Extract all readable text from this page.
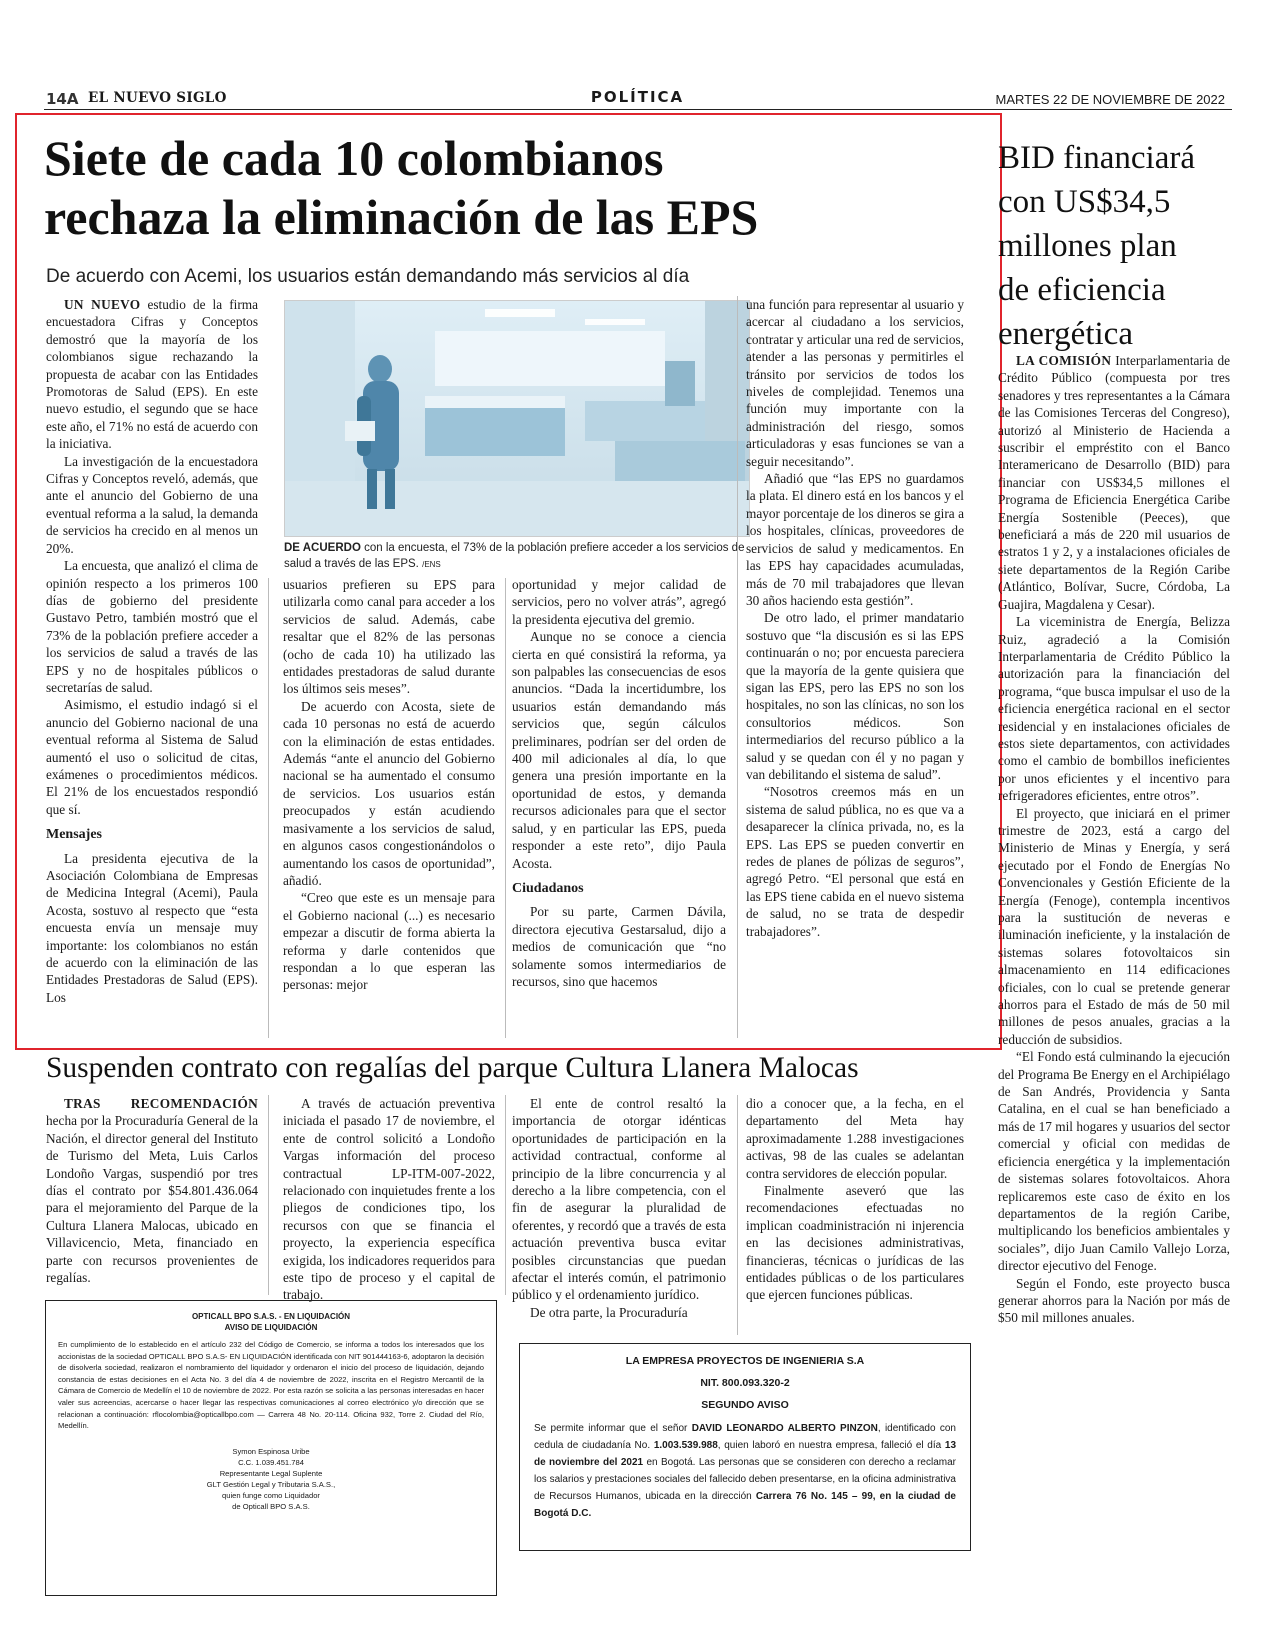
14A EL NUEVO SIGLO	POLÍTICA	MARTES 22 DE NOVIEMBRE DE 2022
Siete de cada 10 colombianos
rechaza la eliminación de las EPS
De acuerdo con Acemi, los usuarios están demandando más servicios al día

UN NUEVO estudio de la firma encuestadora Cifras y Conceptos demostró que la mayoría de los colombianos sigue rechazando la propuesta de acabar con las Entidades Promotoras de Salud (EPS). En este nuevo estudio, el segundo que se hace este año, el 71% no está de acuerdo con la iniciativa.

La investigación de la encuestadora Cifras y Conceptos reveló, además, que ante el anuncio del Gobierno de una eventual reforma a la salud, la demanda de servicios ha crecido en al menos un 20%.

La encuesta, que analizó el clima de opinión respecto a los primeros 100 días de gobierno del presidente Gustavo Petro, también mostró que el 73% de la población prefiere acceder a los servicios de salud a través de las EPS y no de hospitales públicos o secretarías de salud.

Asimismo, el estudio indagó si el anuncio del Gobierno nacional de una eventual reforma al Sistema de Salud aumentó el uso o solicitud de citas, exámenes o procedimientos médicos. El 21% de los encuestados respondió que sí.

Mensajes

La presidenta ejecutiva de la Asociación Colombiana de Empresas de Medicina Integral (Acemi), Paula Acosta, sostuvo al respecto que “esta encuesta envía un mensaje muy importante: los colombianos no están de acuerdo con la eliminación de las Entidades Prestadoras de Salud (EPS). Los

DE ACUERDO con la encuesta, el 73% de la población prefiere acceder a los servicios de salud a través de las EPS. /ENS

usuarios prefieren su EPS para utilizarla como canal para acceder a los servicios de salud. Además, cabe resaltar que el 82% de las personas (ocho de cada 10) ha utilizado las entidades prestadoras de salud durante los últimos seis meses”.

De acuerdo con Acosta, siete de cada 10 personas no está de acuerdo con la eliminación de estas entidades. Además “ante el anuncio del Gobierno nacional se ha aumentado el consumo de servicios. Los usuarios están preocupados y están acudiendo masivamente a los servicios de salud, en algunos casos congestionándolos o aumentando los casos de oportunidad”, añadió.

“Creo que este es un mensaje para el Gobierno nacional (...) es necesario empezar a discutir de forma abierta la reforma y darle contenidos que respondan a lo que esperan las personas: mejor

oportunidad y mejor calidad de servicios, pero no volver atrás”, agregó la presidenta ejecutiva del gremio.

Aunque no se conoce a ciencia cierta en qué consistirá la reforma, ya son palpables las consecuencias de esos anuncios. “Dada la incertidumbre, los usuarios están demandando más servicios que, según cálculos preliminares, podrían ser del orden de 400 mil adicionales al día, lo que genera una presión importante en la oportunidad de estos, y demanda recursos adicionales para que el sector salud, y en particular las EPS, pueda responder a este reto”, dijo Paula Acosta.

Ciudadanos

Por su parte, Carmen Dávila, directora ejecutiva Gestarsalud, dijo a medios de comunicación que “no solamente somos intermediarios de recursos, sino que hacemos

una función para representar al usuario y acercar al ciudadano a los servicios, contratar y articular una red de servicios, atender a las personas y permitirles el tránsito por servicios de todos los niveles de complejidad. Tenemos una función muy importante con la administración del riesgo, somos articuladoras y esas funciones se van a seguir necesitando”.

Añadió que “las EPS no guardamos la plata. El dinero está en los bancos y el mayor porcentaje de los dineros se gira a los hospitales, clínicas, proveedores de servicios de salud y medicamentos. En las EPS hay capacidades acumuladas, más de 70 mil trabajadores que llevan 30 años haciendo esta gestión”.

De otro lado, el primer mandatario sostuvo que “la discusión es si las EPS continuarán o no; por encuesta pareciera que la mayoría de la gente quisiera que sigan las EPS, pero las EPS no son los hospitales, no son las clínicas, no son los consultorios médicos. Son intermediarios del recurso público a la salud y se quedan con él y no pagan y van debilitando el sistema de salud”.

“Nosotros creemos más en un sistema de salud pública, no es que va a desaparecer la clínica privada, no, es la EPS. Las EPS se pueden convertir en redes de planes de pólizas de seguros”, agregó Petro. “El personal que está en las EPS tiene cabida en el nuevo sistema de salud, no se trata de despedir trabajadores”.

Suspenden contrato con regalías del parque Cultura Llanera Malocas

TRAS RECOMENDACIÓN hecha por la Procuraduría General de la Nación, el director general del Instituto de Turismo del Meta, Luis Carlos Londoño Vargas, suspendió por tres días el contrato por $54.801.436.064 para el mejoramiento del Parque de la Cultura Llanera Malocas, ubicado en Villavicencio, Meta, financiado en parte con recursos provenientes de regalías.

A través de actuación preventiva iniciada el pasado 17 de noviembre, el ente de control solicitó a Londoño Vargas información del proceso contractual LP-ITM-007-2022, relacionado con inquietudes frente a los pliegos de condiciones tipo, los recursos con que se financia el proyecto, la experiencia específica exigida, los indicadores requeridos para este tipo de proceso y el capital de trabajo.

El ente de control resaltó la importancia de otorgar idénticas oportunidades de participación en la actividad contractual, conforme al principio de la libre concurrencia y al derecho a la libre competencia, con el fin de asegurar la pluralidad de oferentes, y recordó que a través de esta actuación preventiva busca evitar posibles circunstancias que puedan afectar el interés común, el patrimonio público y el ordenamiento jurídico.

De otra parte, la Procuraduría

dio a conocer que, a la fecha, en el departamento del Meta hay aproximadamente 1.288 investigaciones activas, 98 de las cuales se adelantan contra servidores de elección popular.

Finalmente aseveró que las recomendaciones efectuadas no implican coadministración ni injerencia en las decisiones administrativas, financieras, técnicas o jurídicas de las entidades públicas o de los particulares que ejercen funciones públicas.

BID financiará
con US$34,5
millones plan
de eficiencia
energética

LA COMISIÓN Interparlamentaria de Crédito Público (compuesta por tres senadores y tres representantes a la Cámara de las Comisiones Terceras del Congreso), autorizó al Ministerio de Hacienda a suscribir el empréstito con el Banco Interamericano de Desarrollo (BID) para financiar con US$34,5 millones el Programa de Eficiencia Energética Caribe Energía Sostenible (Peeces), que beneficiará a más de 220 mil usuarios de estratos 1 y 2, y a instalaciones oficiales de siete departamentos de la Región Caribe (Atlántico, Bolívar, Sucre, Córdoba, La Guajira, Magdalena y Cesar).

La viceministra de Energía, Belizza Ruiz, agradeció a la Comisión Interparlamentaria de Crédito Público la autorización para la financiación del programa, “que busca impulsar el uso de la eficiencia energética racional en el sector residencial y en instalaciones oficiales de estos siete departamentos, con actividades como el cambio de bombillos ineficientes por unos eficientes y el incentivo para refrigeradores eficientes, entre otros”.

El proyecto, que iniciará en el primer trimestre de 2023, está a cargo del Ministerio de Minas y Energía, y será ejecutado por el Fondo de Energías No Convencionales y Gestión Eficiente de la Energía (Fenoge), contempla incentivos para la sustitución de neveras e iluminación ineficiente, y la instalación de sistemas solares fotovoltaicos sin almacenamiento en 114 edificaciones oficiales, con lo cual se pretende generar ahorros para el Estado de más de 50 mil millones de pesos anuales, gracias a la reducción de subsidios.

“El Fondo está culminando la ejecución del Programa Be Energy en el Archipiélago de San Andrés, Providencia y Santa Catalina, en el cual se han beneficiado a más de 17 mil hogares y usuarios del sector comercial y oficial con medidas de eficiencia energética y la implementación de sistemas solares fotovoltaicos. Ahora replicaremos este caso de éxito en los departamentos de la región Caribe, multiplicando los beneficios ambientales y sociales”, dijo Juan Camilo Vallejo Lorza, director ejecutivo del Fenoge.

Según el Fondo, este proyecto busca generar ahorros para la Nación por más de $50 mil millones anuales.

OPTICALL BPO S.A.S. - EN LIQUIDACIÓN
AVISO DE LIQUIDACIÓN
En cumplimiento de lo establecido en el artículo 232 del Código de Comercio, se informa a todos los interesados que los accionistas de la sociedad OPTICALL BPO S.A.S- EN LIQUIDACIÓN identificada con NIT 901444163-6, adoptaron la decisión de disolverla sociedad, realizaron el nombramiento del liquidador y ordenaron el inicio del proceso de liquidación, dejando constancia de estas decisiones en el Acta No. 3 del día 4 de noviembre de 2022, inscrita en el Registro Mercantil de la Cámara de Comercio de Medellín el 10 de noviembre de 2022. Por esta razón se solicita a las personas interesadas en hacer valer sus acreencias, acercarse o hacer llegar las respectivas comunicaciones al correo electrónico y/o dirección que se relacionan a continuación: rflocolombia@opticallbpo.com — Carrera 48 No. 20-114. Oficina 932, Torre 2. Ciudad del Río, Medellín.
Symon Espinosa Uribe
C.C. 1.039.451.784
Representante Legal Suplente
GLT Gestión Legal y Tributaria S.A.S.,
quien funge como Liquidador
de Opticall BPO S.A.S.
LA EMPRESA PROYECTOS DE INGENIERIA S.A
NIT. 800.093.320-2
SEGUNDO AVISO
Se permite informar que el señor DAVID LEONARDO ALBERTO PINZON, identificado con cedula de ciudadanía No. 1.003.539.988, quien laboró en nuestra empresa, falleció el día 13 de noviembre del 2021 en Bogotá. Las personas que se consideren con derecho a reclamar los salarios y prestaciones sociales del fallecido deben presentarse, en la oficina administrativa de Recursos Humanos, ubicada en la dirección Carrera 76 No. 145 – 99, en la ciudad de Bogotá D.C.
